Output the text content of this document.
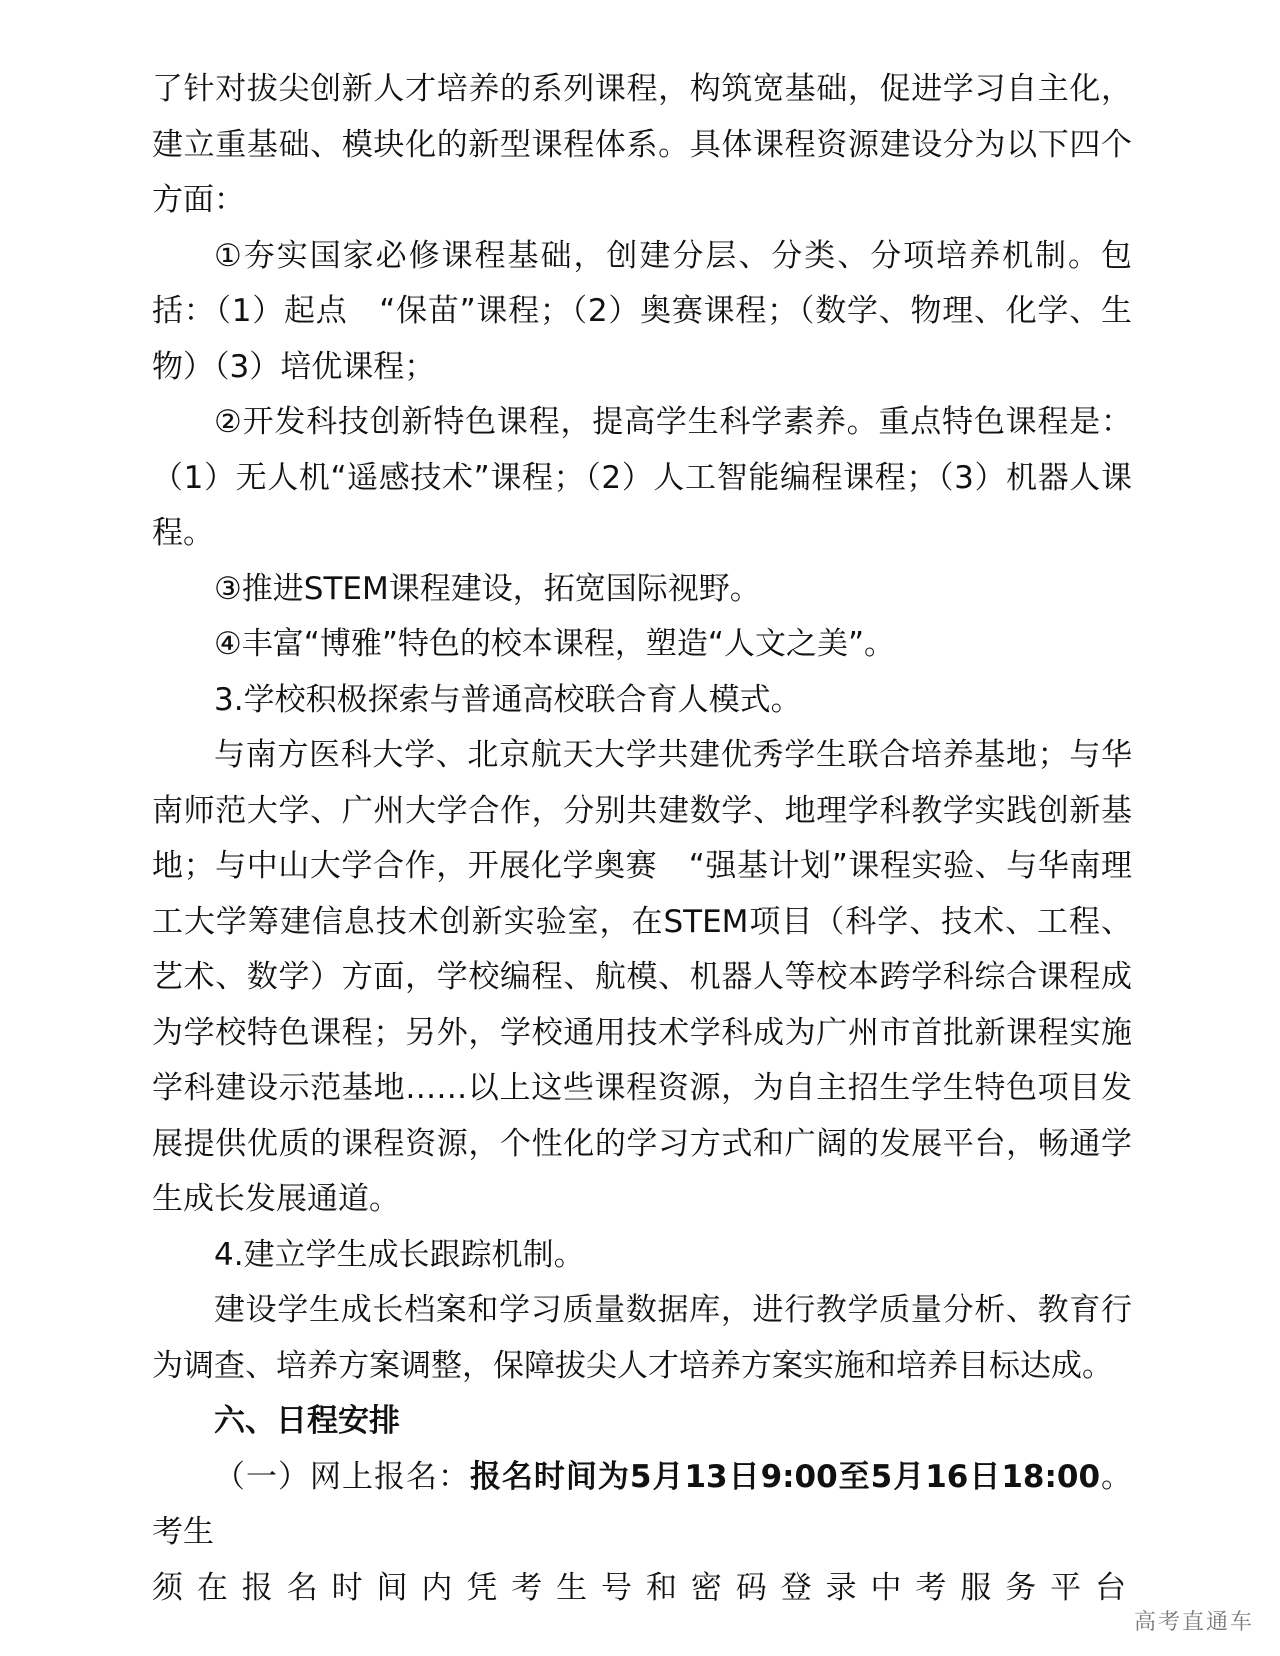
了针对拔尖创新人才培养的系列课程，构筑宽基础，促进学习自主化，建立重基础、模块化的新型课程体系。具体课程资源建设分为以下四个方面：

①夯实国家必修课程基础，创建分层、分类、分项培养机制。包括：（1）起点　“保苗”课程；（2）奥赛课程；（数学、物理、化学、生物）（3）培优课程；

②开发科技创新特色课程，提高学生科学素养。重点特色课程是：（1）无人机“遥感技术”课程；（2）人工智能编程课程；（3）机器人课程。

③推进STEM课程建设，拓宽国际视野。

④丰富“博雅”特色的校本课程，塑造“人文之美”。

3.学校积极探索与普通高校联合育人模式。

与南方医科大学、北京航天大学共建优秀学生联合培养基地；与华南师范大学、广州大学合作，分别共建数学、地理学科教学实践创新基地；与中山大学合作，开展化学奥赛　“强基计划”课程实验、与华南理工大学筹建信息技术创新实验室，在STEM项目（科学、技术、工程、艺术、数学）方面，学校编程、航模、机器人等校本跨学科综合课程成为学校特色课程；另外，学校通用技术学科成为广州市首批新课程实施学科建设示范基地……以上这些课程资源，为自主招生学生特色项目发展提供优质的课程资源，个性化的学习方式和广阔的发展平台，畅通学生成长发展通道。

4.建立学生成长跟踪机制。

建设学生成长档案和学习质量数据库，进行教学质量分析、教育行为调查、培养方案调整，保障拔尖人才培养方案实施和培养目标达成。

六、日程安排

（一）网上报名：报名时间为5月13日9:00至5月16日18:00。考生

须在报名时间内凭考生号和密码登录中考服务平台

高考直通车
